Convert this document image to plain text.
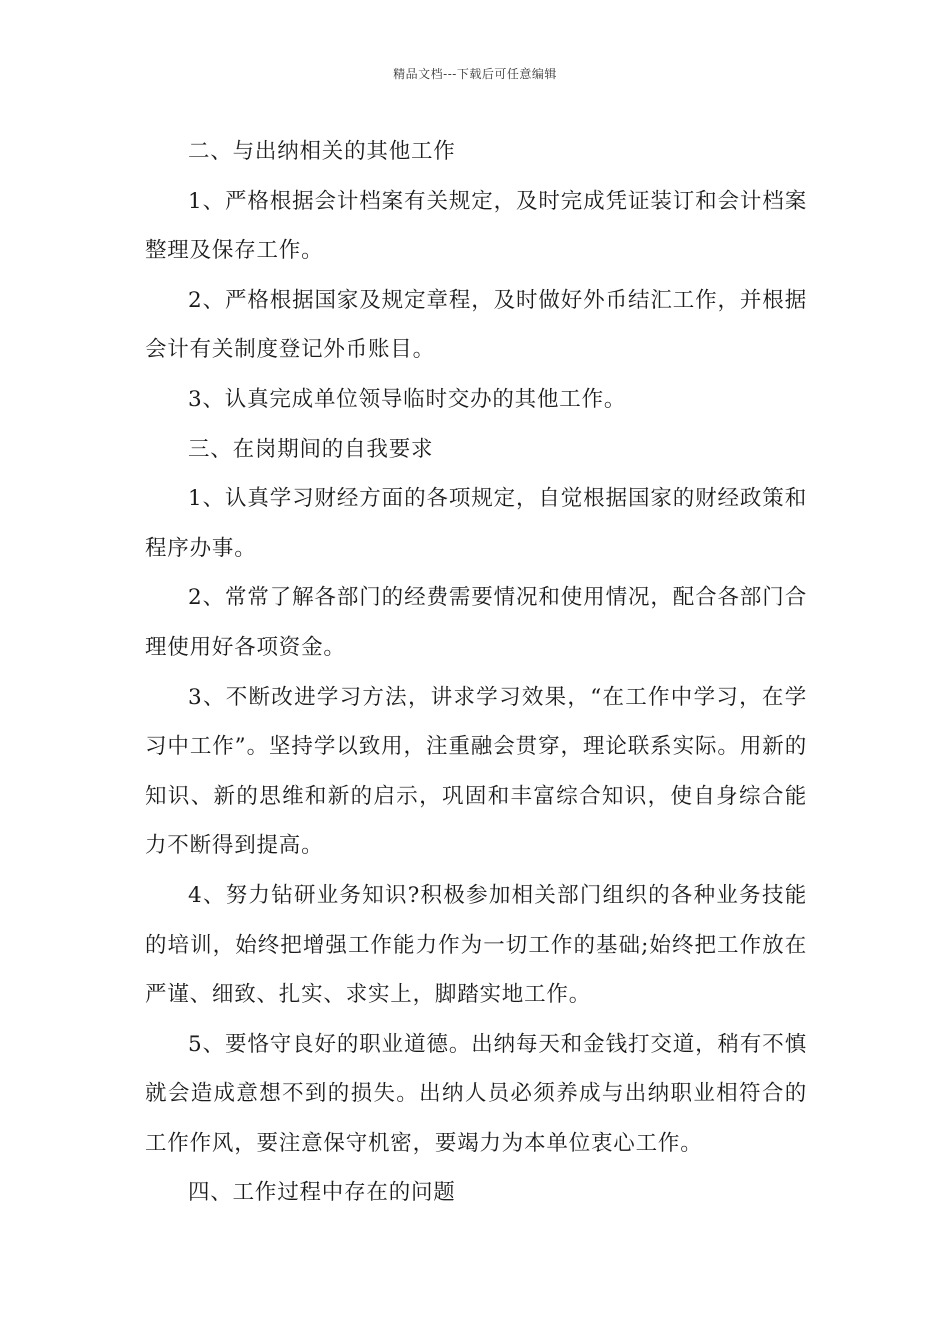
精品文档---下载后可任意编辑

二、与出纳相关的其他工作

1、严格根据会计档案有关规定，及时完成凭证装订和会计档案整理及保存工作。

2、严格根据国家及规定章程，及时做好外币结汇工作，并根据会计有关制度登记外币账目。

3、认真完成单位领导临时交办的其他工作。

三、在岗期间的自我要求

1、认真学习财经方面的各项规定，自觉根据国家的财经政策和程序办事。

2、常常了解各部门的经费需要情况和使用情况，配合各部门合理使用好各项资金。

3、不断改进学习方法，讲求学习效果，“在工作中学习，在学习中工作”。坚持学以致用，注重融会贯穿，理论联系实际。用新的知识、新的思维和新的启示，巩固和丰富综合知识，使自身综合能力不断得到提高。

4、努力钻研业务知识?积极参加相关部门组织的各种业务技能的培训，始终把增强工作能力作为一切工作的基础;始终把工作放在严谨、细致、扎实、求实上，脚踏实地工作。

5、要恪守良好的职业道德。出纳每天和金钱打交道，稍有不慎就会造成意想不到的损失。出纳人员必须养成与出纳职业相符合的工作作风，要注意保守机密，要竭力为本单位衷心工作。

四、工作过程中存在的问题
